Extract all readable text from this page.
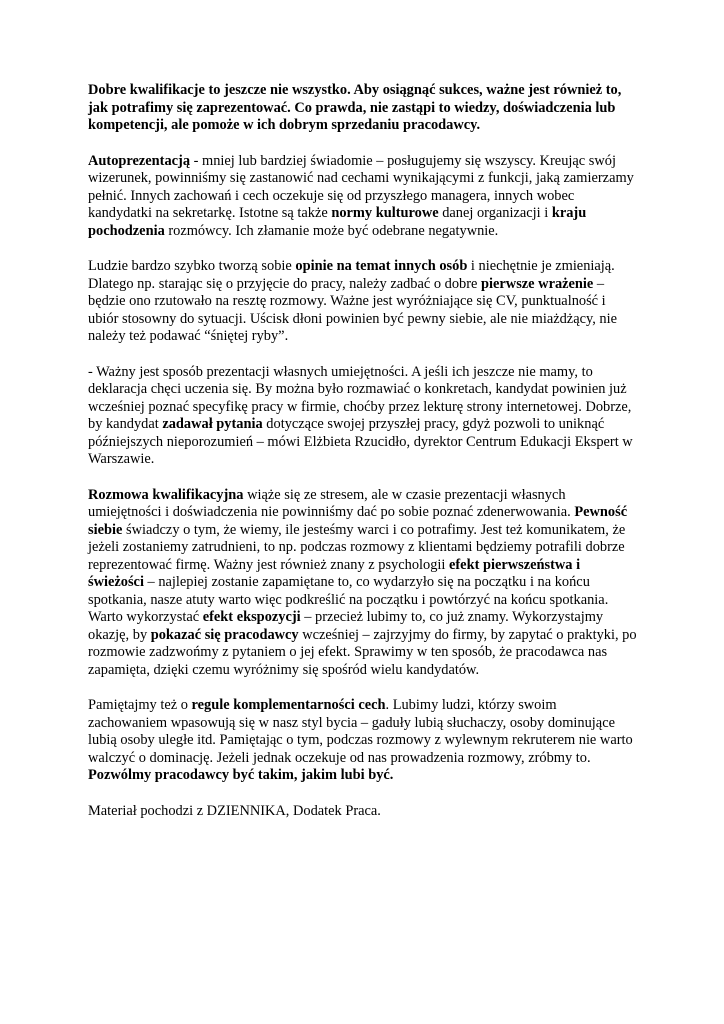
Dobre kwalifikacje to jeszcze nie wszystko. Aby osiągnąć sukces, ważne jest również to, jak potrafimy się zaprezentować. Co prawda, nie zastąpi to wiedzy, doświadczenia lub kompetencji, ale pomoże w ich dobrym sprzedaniu pracodawcy.

Autoprezentacją - mniej lub bardziej świadomie – posługujemy się wszyscy. Kreując swój wizerunek, powinniśmy się zastanowić nad cechami wynikającymi z funkcji, jaką zamierzamy pełnić. Innych zachowań i cech oczekuje się od przyszłego managera, innych wobec kandydatki na sekretarkę. Istotne są także normy kulturowe danej organizacji i kraju pochodzenia rozmówcy. Ich złamanie może być odebrane negatywnie.

Ludzie bardzo szybko tworzą sobie opinie na temat innych osób i niechętnie je zmieniają. Dlatego np. starając się o przyjęcie do pracy, należy zadbać o dobre pierwsze wrażenie – będzie ono rzutowało na resztę rozmowy. Ważne jest wyróżniające się CV, punktualność i ubiór stosowny do sytuacji. Uścisk dłoni powinien być pewny siebie, ale nie miażdżący, nie należy też podawać “śniętej ryby”.

- Ważny jest sposób prezentacji własnych umiejętności. A jeśli ich jeszcze nie mamy, to deklaracja chęci uczenia się. By można było rozmawiać o konkretach, kandydat powinien już wcześniej poznać specyfikę pracy w firmie, choćby przez lekturę strony internetowej. Dobrze, by kandydat zadawał pytania dotyczące swojej przyszłej pracy, gdyż pozwoli to uniknąć późniejszych nieporozumień – mówi Elżbieta Rzucidło, dyrektor Centrum Edukacji Ekspert w Warszawie.

Rozmowa kwalifikacyjna wiąże się ze stresem, ale w czasie prezentacji własnych umiejętności i doświadczenia nie powinniśmy dać po sobie poznać zdenerwowania. Pewność siebie świadczy o tym, że wiemy, ile jesteśmy warci i co potrafimy. Jest też komunikatem, że jeżeli zostaniemy zatrudnieni, to np. podczas rozmowy z klientami będziemy potrafili dobrze reprezentować firmę. Ważny jest również znany z psychologii efekt pierwszeństwa i świeżości – najlepiej zostanie zapamiętane to, co wydarzyło się na początku i na końcu spotkania, nasze atuty warto więc podkreślić na początku i powtórzyć na końcu spotkania. Warto wykorzystać efekt ekspozycji – przecież lubimy to, co już znamy. Wykorzystajmy okazję, by pokazać się pracodawcy wcześniej – zajrzyjmy do firmy, by zapytać o praktyki, po rozmowie zadzwońmy z pytaniem o jej efekt. Sprawimy w ten sposób, że pracodawca nas zapamięta, dzięki czemu wyróżnimy się spośród wielu kandydatów.

Pamiętajmy też o regule komplementarności cech. Lubimy ludzi, którzy swoim zachowaniem wpasowują się w nasz styl bycia – gaduły lubią słuchaczy, osoby dominujące lubią osoby uległe itd. Pamiętając o tym, podczas rozmowy z wylewnym rekruterem nie warto walczyć o dominację. Jeżeli jednak oczekuje od nas prowadzenia rozmowy, zróbmy to. Pozwólmy pracodawcy być takim, jakim lubi być.

Materiał pochodzi z DZIENNIKA, Dodatek Praca.
